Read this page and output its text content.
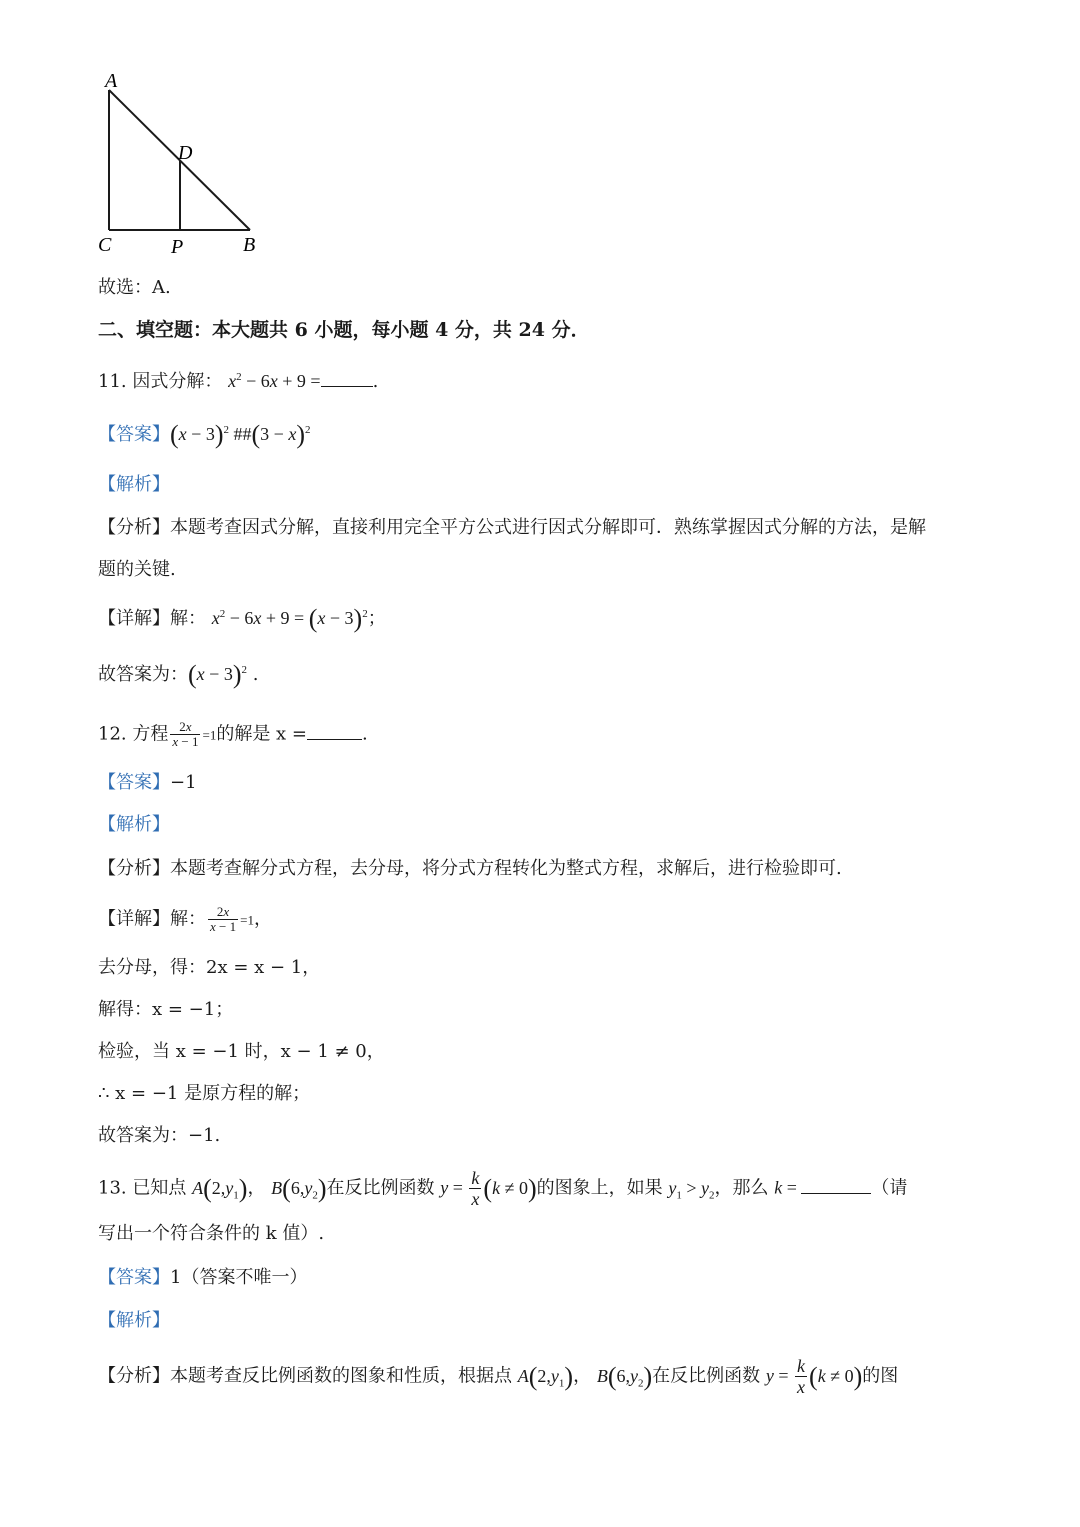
A
D
C	P	B
故选：A.
二、填空题：本大题共 6 小题，每小题 4 分，共 24 分．
11. 因式分解： $x^2 - 6x + 9$ =	.
【答案】$(x - 3)^2$ ##(3 − x)$^2$
【解析】
【分析】本题考查因式分解，直接利用完全平方公式进行因式分解即可．熟练掌握因式分解的方法，是解
题的关键.
【详解】解： $x^2 - 6x + 9 = (x - 3)^2$；
故答案为：$(x - 3)^2$ .
12. 方程 $\frac{2x}{x - 1} =1$的解是 x =	.
【答案】−1
【解析】
【分析】本题考查解分式方程，去分母，将分式方程转化为整式方程，求解后，进行检验即可.
【详解】解： $\frac{2x}{x - 1} =1$，
去分母，得：2x = x − 1，
解得：x = −1；
检验，当 x = −1 时，x − 1 ≠ 0，
∴ x = −1 是原方程的解；
故答案为：−1.
13. 已知点 $A(2,y_1)$， $B(6,y_2)$在反比例函数 $y = \frac{k}{x} (k \ne 0)$的图象上，如果 $y_1 > y_2$，那么 k =	（请
写出一个符合条件的 k 值）.
【答案】1（答案不唯一）
【解析】
【分析】本题考查反比例函数的图象和性质，根据点 $A(2,y_1)$， $B(6,y_2)$在反比例函数 $y = \frac{k}{x} (k \ne 0)$的图
